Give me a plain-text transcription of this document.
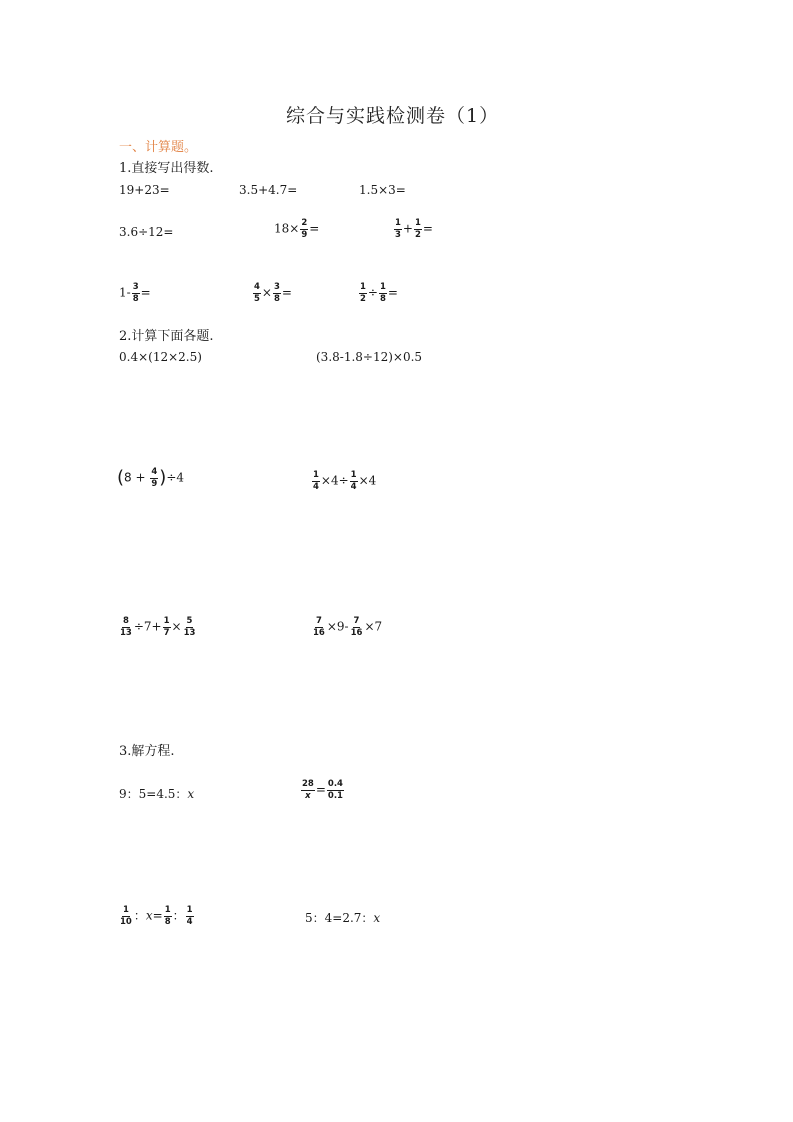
综合与实践检测卷（1）
一、计算题。
1.直接写出得数.
19+23=	3.5+4.7=	1.5×3=
3.6÷12=	$18\times \frac{2}{9}$ =	$\frac{1}{3} + \frac{1}{2}$ =
$1- \frac{3}{8}$ =	$\frac{4}{5} \times \frac{3}{8}$ =	$\frac{1}{2} \div \frac{1}{8}$ =
2.计算下面各题.
0.4×(12×2.5)	(3.8-1.8÷12)×0.5
$(8 + \frac{4}{9} )\div 4$	$\frac{1}{4} \times 4\div \frac{1}{4} \times 4$
$\frac{8}{13} \div 7+ \frac{1}{7} \times \frac{5}{13}$	$\frac{7}{16} \times 9- \frac{7}{16} \times 7$
3.解方程.
9：5=4.5：x	$\frac{28}{x} = \frac{0.4}{0.1}$
$\frac{1}{10}$ ：$x= \frac{1}{8}$ ： $\frac{1}{4}$	5：4=2.7：x
